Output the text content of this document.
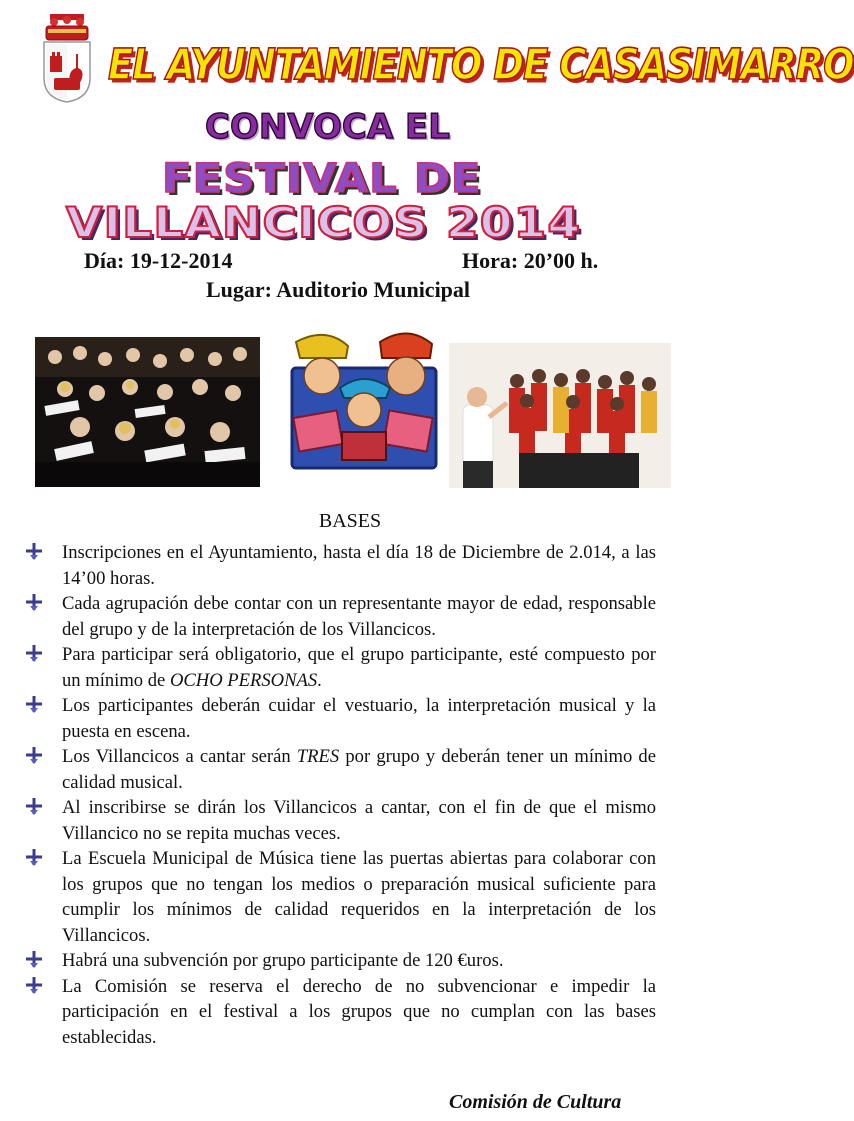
EL AYUNTAMIENTO DE CASASIMARRO
CONVOCA EL
FESTIVAL DE
VILLANCICOS 2014
Día: 19-12-2014	Hora: 20’00 h.
Lugar: Auditorio Municipal
BASES
Inscripciones en el Ayuntamiento, hasta el día 18 de Diciembre de 2.014, a las 14’00 horas.
Cada agrupación debe contar con un representante mayor de edad, responsable del grupo y de la interpretación de los Villancicos.
Para participar será obligatorio, que el grupo participante, esté compuesto por un mínimo de OCHO PERSONAS.
Los participantes deberán cuidar el vestuario, la interpretación musical y la puesta en escena.
Los Villancicos a cantar serán TRES por grupo y deberán tener un mínimo de calidad musical.
Al inscribirse se dirán los Villancicos a cantar, con el fin de que el mismo Villancico no se repita muchas veces.
La Escuela Municipal de Música tiene las puertas abiertas para colaborar con los grupos que no tengan los medios o preparación musical suficiente para cumplir los mínimos de calidad requeridos en la interpretación de los Villancicos.
Habrá una subvención por grupo participante de 120 €uros.
La Comisión se reserva el derecho de no subvencionar e impedir la participación en el festival a los grupos que no cumplan con las bases establecidas.
Comisión de Cultura
